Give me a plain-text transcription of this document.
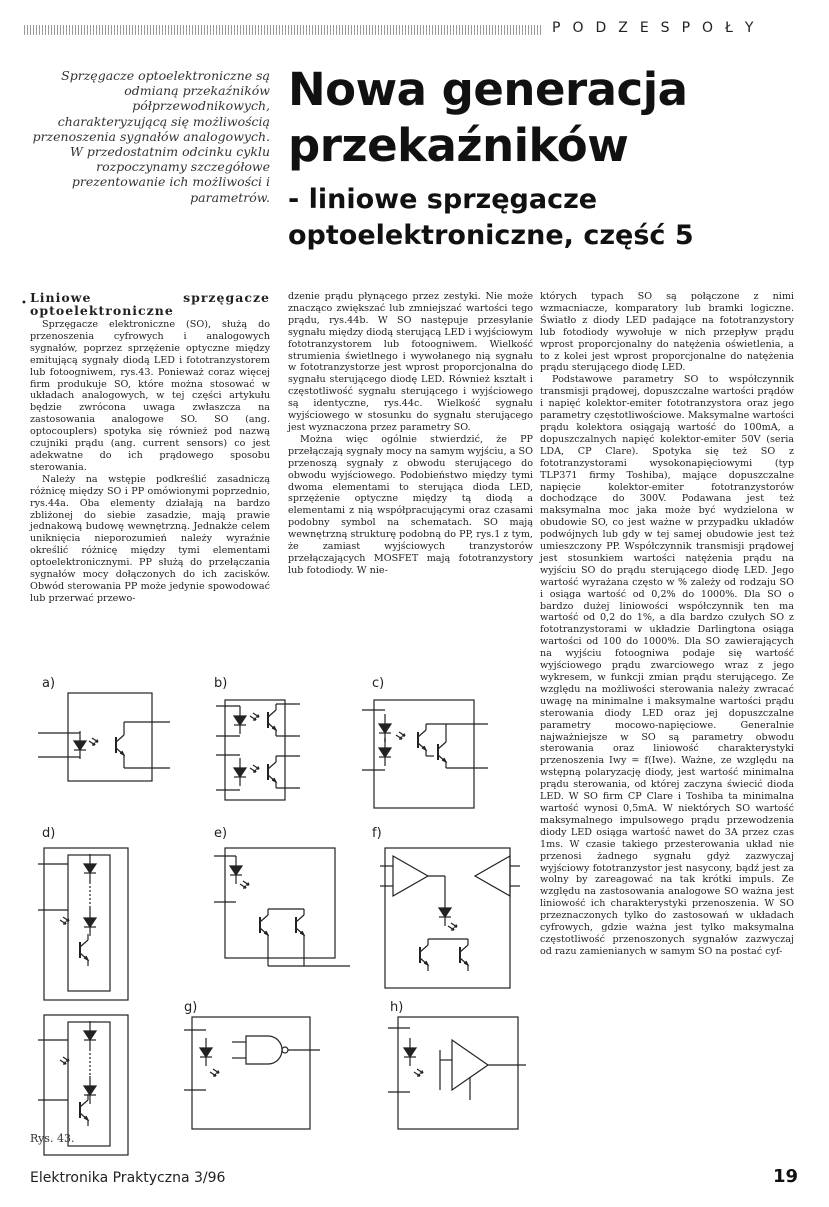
PODZESPOŁY
Sprzęgacze optoelektroniczne są odmianą przekaźników półprzewodnikowych, charakteryzującą się możliwością przenoszenia sygnałów analogowych. W przedostatnim odcinku cyklu rozpoczynamy szczegółowe prezentowanie ich możliwości i parametrów.
Nowa generacja
przekaźników
- liniowe sprzęgacze
optoelektroniczne, część 5
• Liniowe sprzęgacze optoelektroniczne

Sprzęgacze elektroniczne (SO), służą do przenoszenia cyfrowych i analogowych sygnałów, poprzez sprzężenie optyczne między emitującą sygnały diodą LED i fototranzystorem lub fotoogniwem, rys.43. Ponieważ coraz więcej firm produkuje SO, które można stosować w układach analogowych, w tej części artykułu będzie zwrócona uwaga zwłaszcza na zastosowania analogowe SO. SO (ang. optocouplers) spotyka się również pod nazwą czujniki prądu (ang. current sensors) co jest adekwatne do ich prądowego sposobu sterowania.

Należy na wstępie podkreślić zasadniczą różnicę między SO i PP omówionymi poprzednio, rys.44a. Oba elementy działają na bardzo zbliżonej do siebie zasadzie, mają prawie jednakową budowę wewnętrzną. Jednakże celem uniknięcia nieporozumień należy wyraźnie określić różnicę między tymi elementami optoelektronicznymi. PP służą do przełączania sygnałów mocy dołączonych do ich zacisków. Obwód sterowania PP może jedynie spowodować lub przerwać przewo-

dzenie prądu płynącego przez zestyki. Nie może znacząco zwiększać lub zmniejszać wartości tego prądu, rys.44b. W SO następuje przesyłanie sygnału między diodą sterującą LED i wyjściowym fototranzystorem lub fotoogniwem. Wielkość strumienia świetlnego i wywołanego nią sygnału w fototranzystorze jest wprost proporcjonalna do sygnału sterującego diodę LED. Również kształt i częstotliwość sygnału sterującego i wyjściowego są identyczne, rys.44c. Wielkość sygnału wyjściowego w stosunku do sygnału sterującego jest wyznaczona przez parametry SO.

Można więc ogólnie stwierdzić, że PP przełączają sygnały mocy na samym wyjściu, a SO przenoszą sygnały z obwodu sterującego do obwodu wyjściowego. Podobieństwo między tymi dwoma elementami to sterująca dioda LED, sprzężenie optyczne między tą diodą a elementami z nią współpracującymi oraz czasami podobny symbol na schematach. SO mają wewnętrzną strukturę podobną do PP, rys.1 z tym, że zamiast wyjściowych tranzystorów przełączających MOSFET mają fototranzystory lub fotodiody. W nie-

których typach SO są połączone z nimi wzmacniacze, komparatory lub bramki logiczne. Światło z diody LED padające na fototranzystory lub fotodiody wywołuje w nich przepływ prądu wprost proporcjonalny do natężenia oświetlenia, a to z kolei jest wprost proporcjonalne do natężenia prądu sterującego diodę LED.

Podstawowe parametry SO to współczynnik transmisji prądowej, dopuszczalne wartości prądów i napięć kolektor-emiter fototranzystora oraz jego parametry częstotliwościowe. Maksymalne wartości prądu kolektora osiągają wartość do 100mA, a dopuszczalnych napięć kolektor-emiter 50V (seria LDA, CP Clare). Spotyka się też SO z fototranzystorami wysokonapięciowymi (typ TLP371 firmy Toshiba), mające dopuszczalne napięcie kolektor-emiter fototranzystorów dochodzące do 300V. Podawana jest też maksymalna moc jaka może być wydzielona w obudowie SO, co jest ważne w przypadku układów podwójnych lub gdy w tej samej obudowie jest też umieszczony PP. Współczynnik transmisji prądowej jest stosunkiem wartości natężenia prądu na wyjściu SO do prądu sterującego diodę LED. Jego wartość wyrażana często w % zależy od rodzaju SO i osiąga wartość od 0,2% do 1000%. Dla SO o bardzo dużej liniowości współczynnik ten ma wartość od 0,2 do 1%, a dla bardzo czułych SO z fototranzystorami w układzie Darlingtona osiąga wartości od 100 do 1000%. Dla SO zawierających na wyjściu fotoogniwa podaje się wartość wyjściowego prądu zwarciowego wraz z jego wykresem, w funkcji zmian prądu sterującego. Ze względu na możliwości sterowania należy zwracać uwagę na minimalne i maksymalne wartości prądu sterowania diody LED oraz jej dopuszczalne parametry mocowo-napięciowe. Generalnie najważniejsze w SO są parametry obwodu sterowania oraz liniowość charakterystyki przenoszenia Iwy = f(Iwe). Ważne, ze względu na wstępną polaryzację diody, jest wartość minimalna prądu sterowania, od której zaczyna świecić dioda LED. W SO firm CP Clare i Toshiba ta minimalna wartość wynosi 0,5mA. W niektórych SO wartość maksymalnego impulsowego prądu przewodzenia diody LED osiąga wartość nawet do 3A przez czas 1ms. W czasie takiego przesterowania układ nie przenosi żadnego sygnału gdyż zazwyczaj wyjściowy fototranzystor jest nasycony, bądź jest za wolny by zareagować na tak krótki impuls. Ze względu na zastosowania analogowe SO ważna jest liniowość ich charakterystyki przenoszenia. W SO przeznaczonych tylko do zastosowań w układach cyfrowych, gdzie ważna jest tylko maksymalna częstotliwość przenoszonych sygnałów zazwyczaj od razu zamienianych w samym SO na postać cyf-

a)	b)	c)
d)	e)	f)
g)	h)
Rys. 43.
Elektronika Praktyczna 3/96	19
